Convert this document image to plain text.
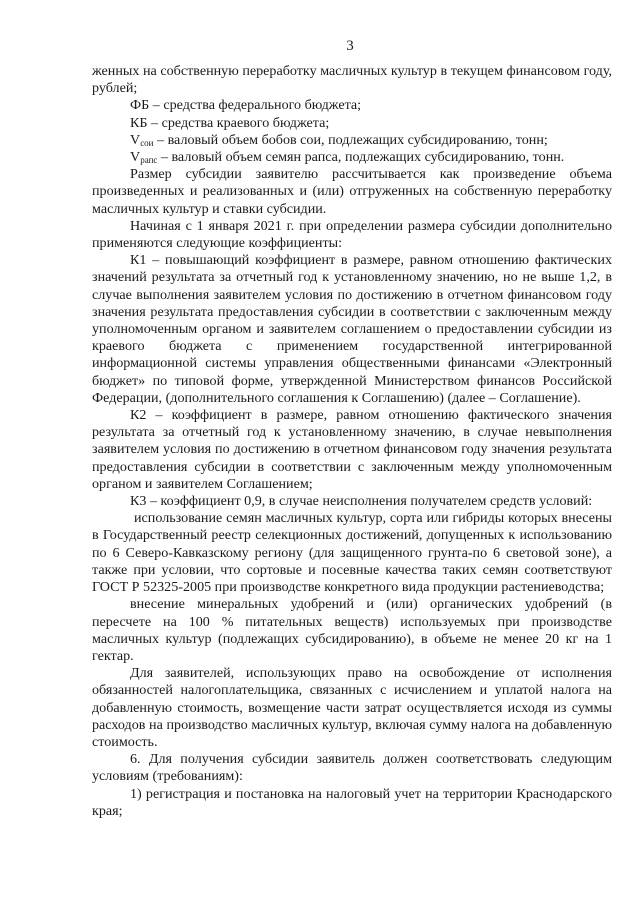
3

женных на собственную переработку масличных культур в текущем финансовом году, рублей;

ФБ – средства федерального бюджета;

КБ – средства краевого бюджета;

$V_{сои}$ – валовый объем бобов сои, подлежащих субсидированию, тонн;

$V_{рапс}$ – валовый объем семян рапса, подлежащих субсидированию, тонн.

Размер субсидии заявителю рассчитывается как произведение объема произведенных и реализованных и (или) отгруженных на собственную переработку масличных культур и ставки субсидии.

Начиная с 1 января 2021 г. при определении размера субсидии дополнительно применяются следующие коэффициенты:

К1 – повышающий коэффициент в размере, равном отношению фактических значений результата за отчетный год к установленному значению, но не выше 1,2, в случае выполнения заявителем условия по достижению в отчетном финансовом году значения результата предоставления субсидии в соответствии с заключенным между уполномоченным органом и заявителем соглашением о предоставлении субсидии из краевого бюджета с применением государственной интегрированной информационной системы управления общественными финансами «Электронный бюджет» по типовой форме, утвержденной Министерством финансов Российской Федерации, (дополнительного соглашения к Соглашению) (далее – Соглашение).

К2 – коэффициент в размере, равном отношению фактического значения результата за отчетный год к установленному значению, в случае невыполнения заявителем условия по достижению в отчетном финансовом году значения результата предоставления субсидии в соответствии с заключенным между уполномоченным органом и заявителем Соглашением;

К3 – коэффициент 0,9, в случае неисполнения получателем средств условий:

использование семян масличных культур, сорта или гибриды которых внесены в Государственный реестр селекционных достижений, допущенных к использованию по 6 Северо-Кавказскому региону (для защищенного грунта-по 6 световой зоне), а также при условии, что сортовые и посевные качества таких семян соответствуют ГОСТ Р 52325-2005 при производстве конкретного вида продукции растениеводства;

внесение минеральных удобрений и (или) органических удобрений (в пересчете на 100 % питательных веществ) используемых при производстве масличных культур (подлежащих субсидированию), в объеме не менее 20 кг на 1 гектар.

Для заявителей, использующих право на освобождение от исполнения обязанностей налогоплательщика, связанных с исчислением и уплатой налога на добавленную стоимость, возмещение части затрат осуществляется исходя из суммы расходов на производство масличных культур, включая сумму налога на добавленную стоимость.

6. Для получения субсидии заявитель должен соответствовать следующим условиям (требованиям):

1) регистрация и постановка на налоговый учет на территории Краснодарского края;
